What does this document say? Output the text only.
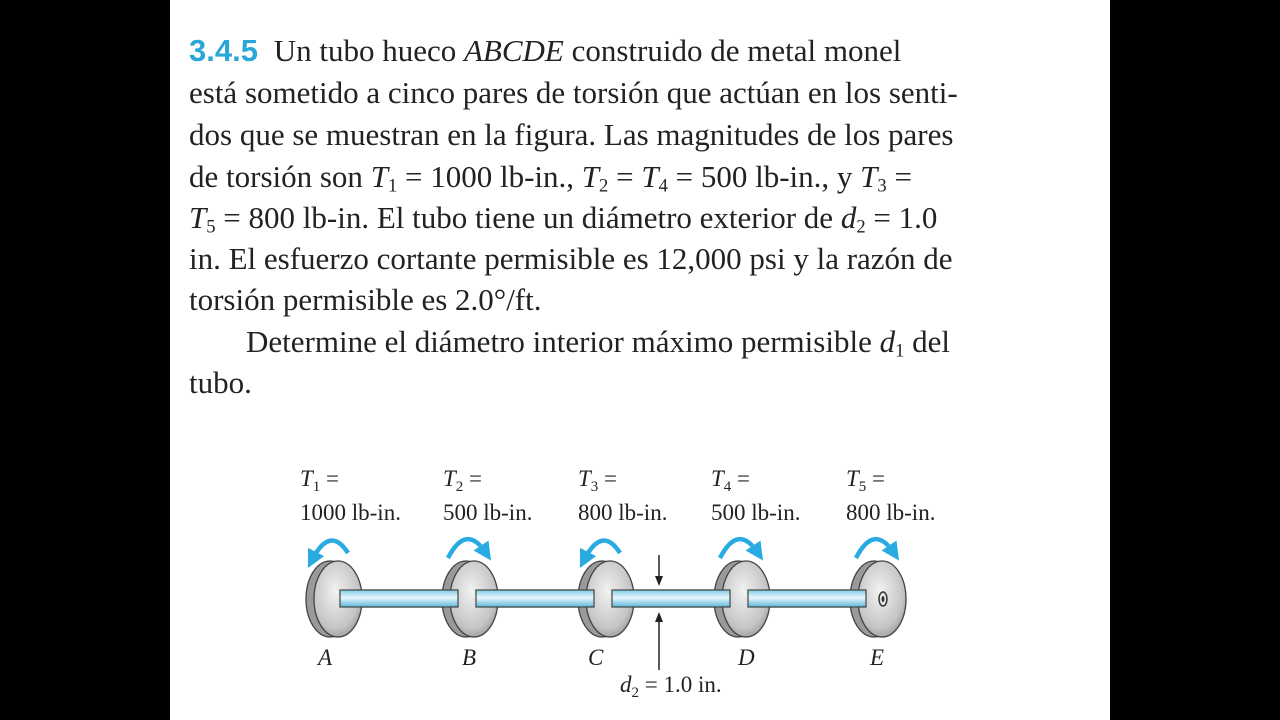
3.4.5 Un tubo hueco ABCDE construido de metal monel
está sometido a cinco pares de torsión que actúan en los senti-
dos que se muestran en la figura. Las magnitudes de los pares
de torsión son $T_1 = 1000$ lb-in., $T_2 = T_4 = 500$ lb-in., y $T_3$ =
$T_5 = 800$ lb-in. El tubo tiene un diámetro exterior de $d_2 = 1.0$
in. El esfuerzo cortante permisible es 12,000 psi y la razón de
torsión permisible es 2.0°/ft.
Determine el diámetro interior máximo permisible $d_1$ del
tubo.
$T_1$ =
1000 lb-in.
$T_2$ =
500 lb-in.
$T_3$ =
800 lb-in.
$T_4$ =
500 lb-in.
$T_5$ =
800 lb-in.
A	B	C	D	E
$d_2 = 1.0$ in.
